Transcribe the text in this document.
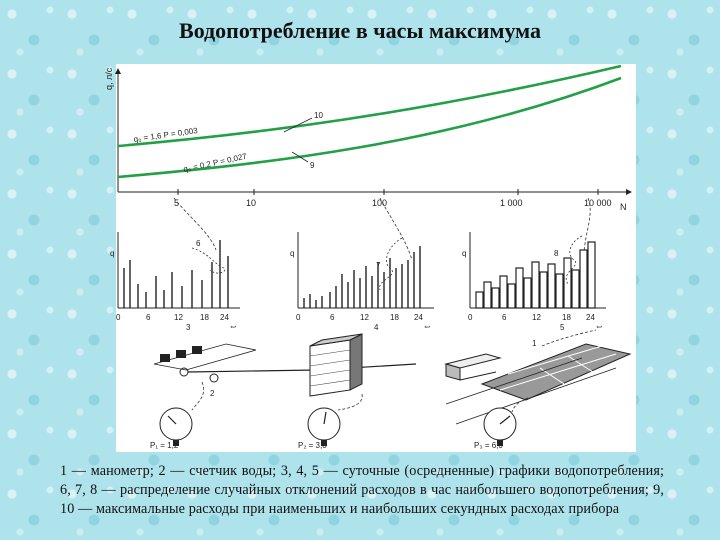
Водопотребление в часы максимума
q, л/с
N
5	10	100	1 000	10 000
q₀ = 1,6 P = 0,003
q₀ = 0,2 P = 0,027
10
9
q
t
6
0	6	12 18 24
3
q
t
7
0	6	12	18 24
4
q
t
8
0	6	12	18 24
5
2
1
P₁ = 1,2	P₂ = 3,0	P₃ = 6,0
1 — манометр; 2 — счетчик воды; 3, 4, 5 — суточные (осредненные) графики водопотребления; 6, 7, 8 — распределение случайных отклонений расходов в час наибольшего водопотребления; 9, 10 — максимальные расходы при наименьших и наибольших секундных расходах прибора
